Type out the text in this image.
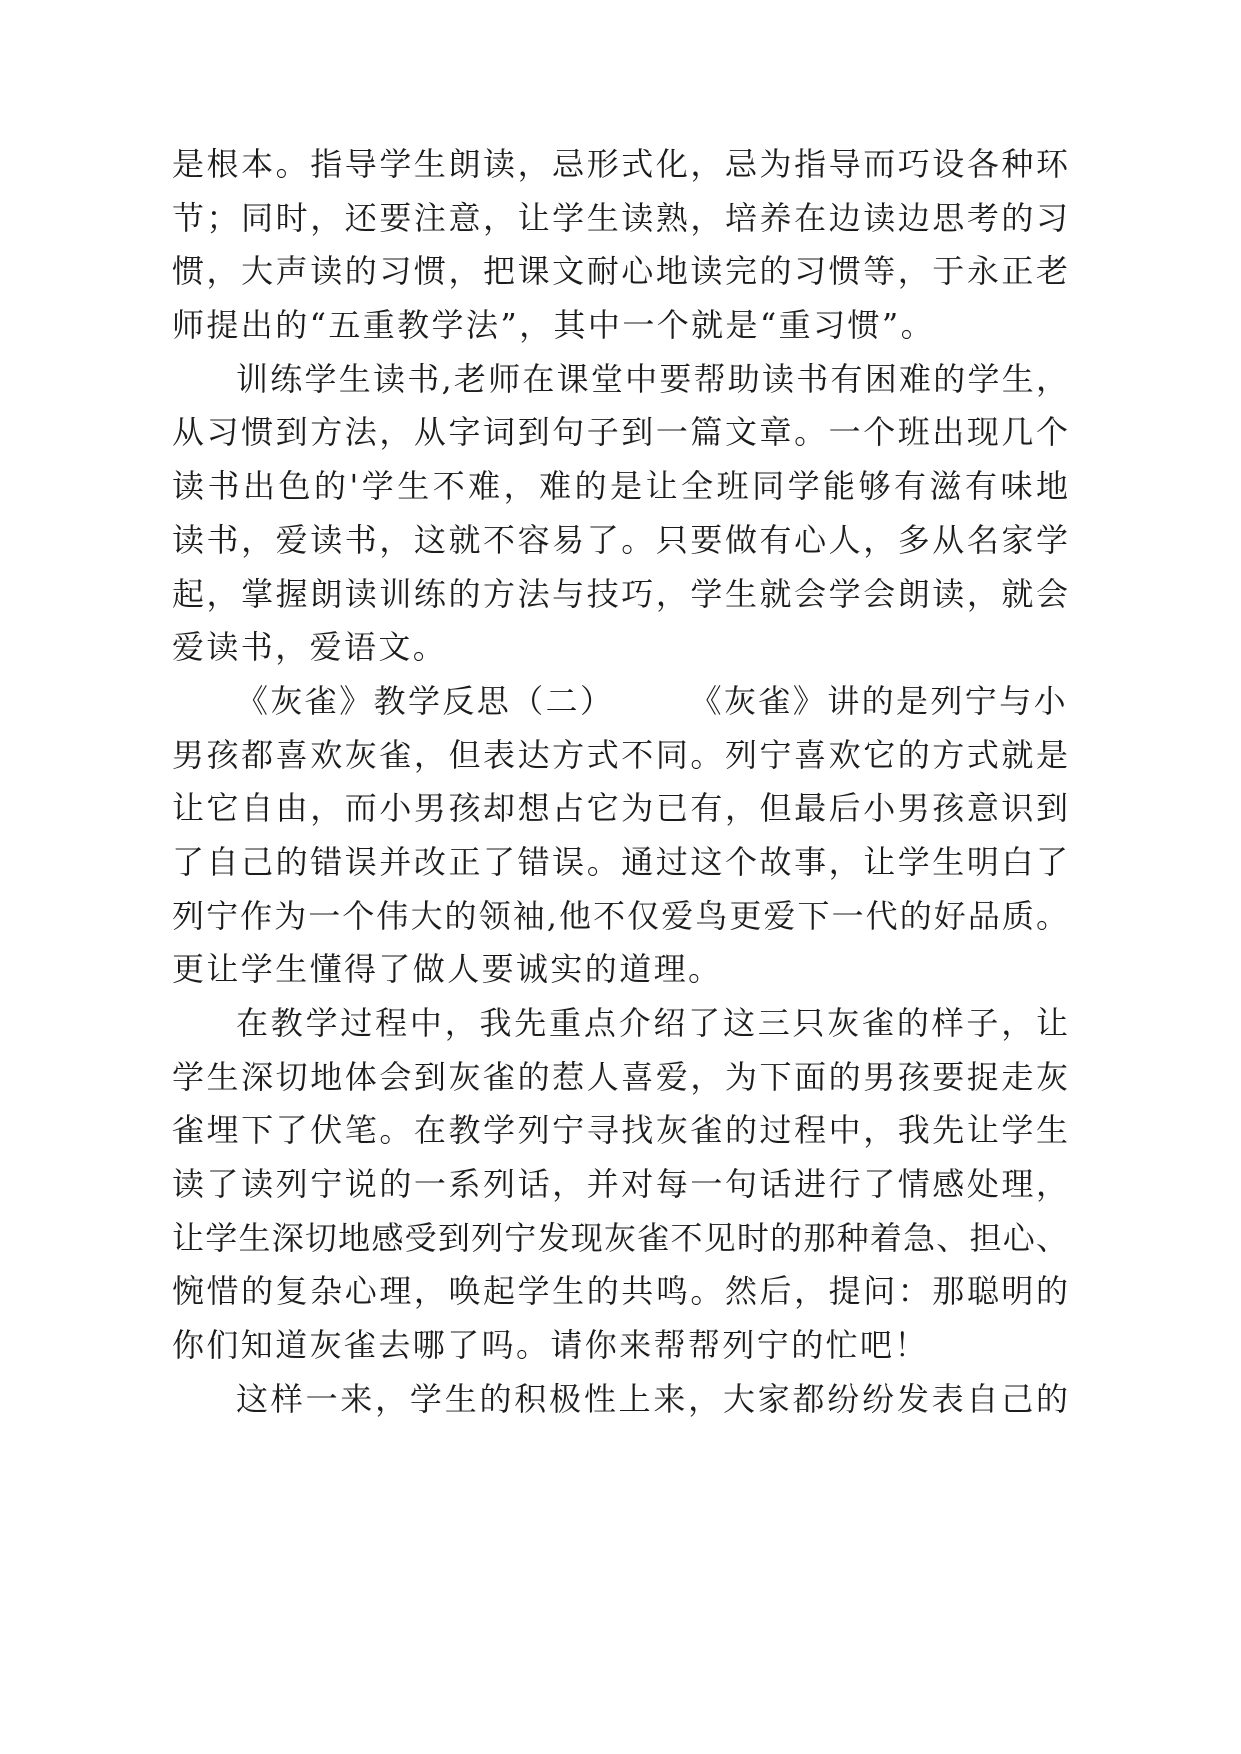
是根本。指导学生朗读，忌形式化，忌为指导而巧设各种环
节；同时，还要注意，让学生读熟，培养在边读边思考的习
惯，大声读的习惯，把课文耐心地读完的习惯等，于永正老
师提出的“五重教学法”，其中一个就是“重习惯”。
训练学生读书,老师在课堂中要帮助读书有困难的学生，
从习惯到方法，从字词到句子到一篇文章。一个班出现几个
读书出色的'学生不难，难的是让全班同学能够有滋有味地
读书，爱读书，这就不容易了。只要做有心人，多从名家学
起，掌握朗读训练的方法与技巧，学生就会学会朗读，就会
爱读书，爱语文。
《灰雀》教学反思（二） 《灰雀》讲的是列宁与小
男孩都喜欢灰雀，但表达方式不同。列宁喜欢它的方式就是
让它自由，而小男孩却想占它为已有，但最后小男孩意识到
了自己的错误并改正了错误。通过这个故事，让学生明白了
列宁作为一个伟大的领袖,他不仅爱鸟更爱下一代的好品质。
更让学生懂得了做人要诚实的道理。
在教学过程中，我先重点介绍了这三只灰雀的样子，让
学生深切地体会到灰雀的惹人喜爱，为下面的男孩要捉走灰
雀埋下了伏笔。在教学列宁寻找灰雀的过程中，我先让学生
读了读列宁说的一系列话，并对每一句话进行了情感处理，
让学生深切地感受到列宁发现灰雀不见时的那种着急、担心、
惋惜的复杂心理，唤起学生的共鸣。然后，提问：那聪明的
你们知道灰雀去哪了吗。请你来帮帮列宁的忙吧！
这样一来，学生的积极性上来，大家都纷纷发表自己的
